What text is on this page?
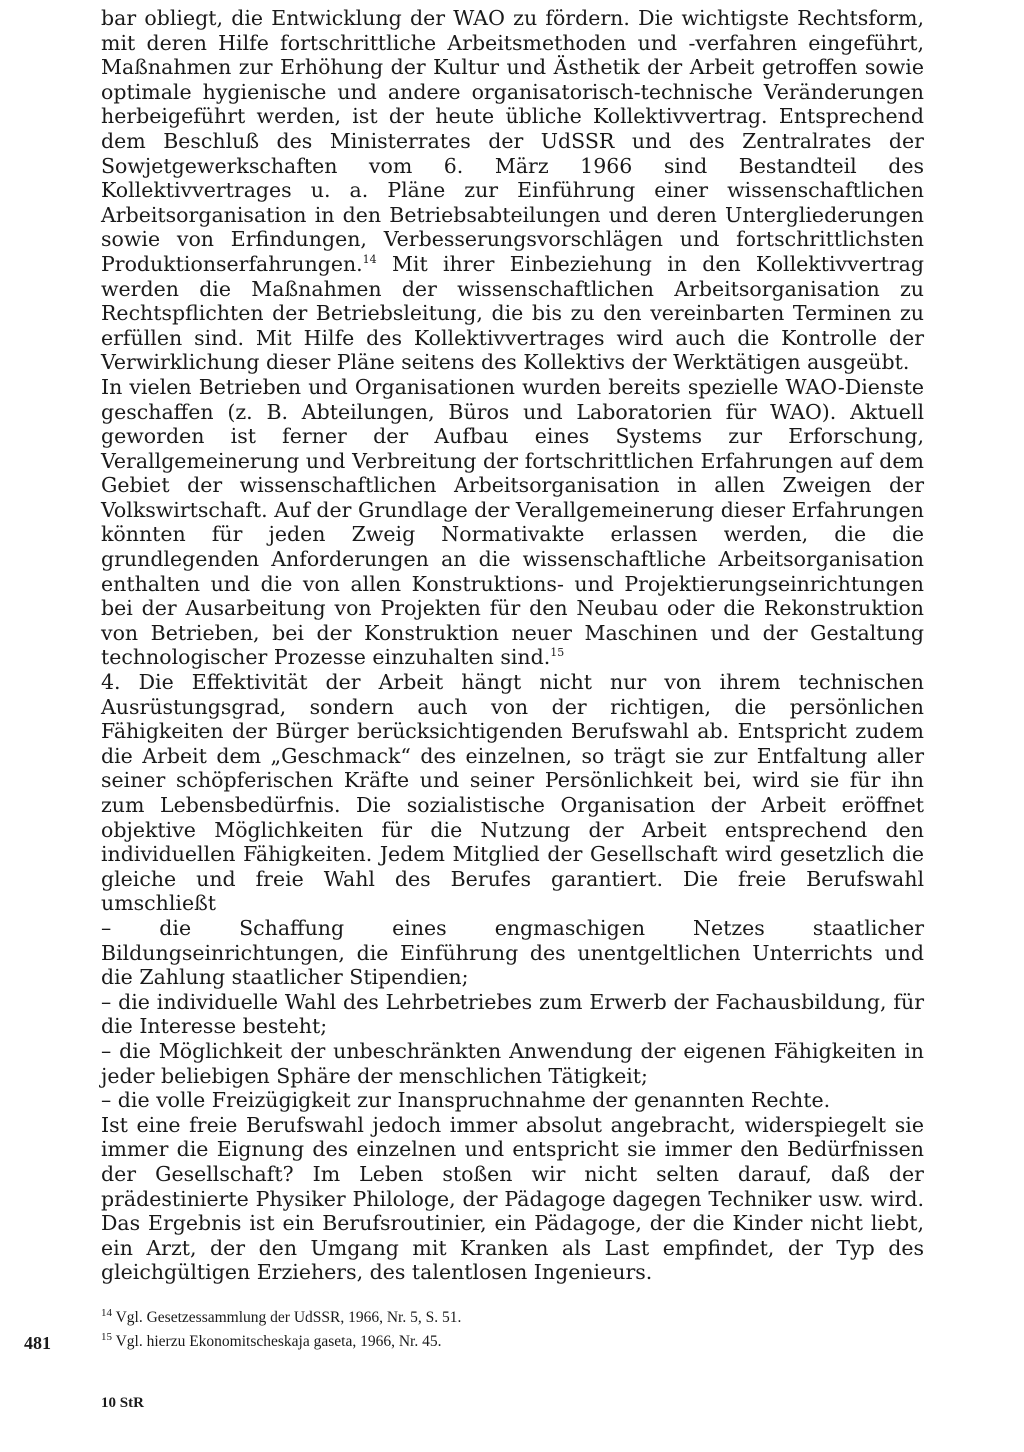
bar obliegt, die Entwicklung der WAO zu fördern. Die wichtigste Rechtsform, mit deren Hilfe fortschrittliche Arbeitsmethoden und -verfahren eingeführt, Maßnahmen zur Erhöhung der Kultur und Ästhetik der Arbeit getroffen sowie optimale hygienische und andere organisatorisch-technische Veränderungen herbeigeführt werden, ist der heute übliche Kollektivvertrag. Entsprechend dem Beschluß des Ministerrates der UdSSR und des Zentralrates der Sowjetgewerkschaften vom 6. März 1966 sind Bestandteil des Kollektivvertrages u. a. Pläne zur Einführung einer wissenschaftlichen Arbeitsorganisation in den Betriebsabteilungen und deren Untergliederungen sowie von Erfindungen, Verbesserungsvorschlägen und fortschrittlichsten Produktionserfahrungen.$^{14}$ Mit ihrer Einbeziehung in den Kollektivvertrag werden die Maßnahmen der wissenschaftlichen Arbeitsorganisation zu Rechtspflichten der Betriebsleitung, die bis zu den vereinbarten Terminen zu erfüllen sind. Mit Hilfe des Kollektivvertrages wird auch die Kontrolle der Verwirklichung dieser Pläne seitens des Kollektivs der Werktätigen ausgeübt.

In vielen Betrieben und Organisationen wurden bereits spezielle WAO-Dienste geschaffen (z. B. Abteilungen, Büros und Laboratorien für WAO). Aktuell geworden ist ferner der Aufbau eines Systems zur Erforschung, Verallgemeinerung und Verbreitung der fortschrittlichen Erfahrungen auf dem Gebiet der wissenschaftlichen Arbeitsorganisation in allen Zweigen der Volkswirtschaft. Auf der Grundlage der Verallgemeinerung dieser Erfahrungen könnten für jeden Zweig Normativakte erlassen werden, die die grundlegenden Anforderungen an die wissenschaftliche Arbeitsorganisation enthalten und die von allen Konstruktions- und Projektierungseinrichtungen bei der Ausarbeitung von Projekten für den Neubau oder die Rekonstruktion von Betrieben, bei der Konstruktion neuer Maschinen und der Gestaltung technologischer Prozesse einzuhalten sind.$^{15}$

4. Die Effektivität der Arbeit hängt nicht nur von ihrem technischen Ausrüstungsgrad, sondern auch von der richtigen, die persönlichen Fähigkeiten der Bürger berücksichtigenden Berufswahl ab. Entspricht zudem die Arbeit dem „Geschmack“ des einzelnen, so trägt sie zur Entfaltung aller seiner schöpferischen Kräfte und seiner Persönlichkeit bei, wird sie für ihn zum Lebensbedürfnis. Die sozialistische Organisation der Arbeit eröffnet objektive Möglichkeiten für die Nutzung der Arbeit entsprechend den individuellen Fähigkeiten. Jedem Mitglied der Gesellschaft wird gesetzlich die gleiche und freie Wahl des Berufes garantiert. Die freie Berufswahl umschließt

– die Schaffung eines engmaschigen Netzes staatlicher Bildungseinrichtungen, die Einführung des unentgeltlichen Unterrichts und die Zahlung staatlicher Stipendien;

– die individuelle Wahl des Lehrbetriebes zum Erwerb der Fachausbildung, für die Interesse besteht;

– die Möglichkeit der unbeschränkten Anwendung der eigenen Fähigkeiten in jeder beliebigen Sphäre der menschlichen Tätigkeit;

– die volle Freizügigkeit zur Inanspruchnahme der genannten Rechte.

Ist eine freie Berufswahl jedoch immer absolut angebracht, widerspiegelt sie immer die Eignung des einzelnen und entspricht sie immer den Bedürfnissen der Gesellschaft? Im Leben stoßen wir nicht selten darauf, daß der prädestinierte Physiker Philologe, der Pädagoge dagegen Techniker usw. wird. Das Ergebnis ist ein Berufsroutinier, ein Pädagoge, der die Kinder nicht liebt, ein Arzt, der den Umgang mit Kranken als Last empfindet, der Typ des gleichgültigen Erziehers, des talentlosen Ingenieurs.

$^{14}$ Vgl. Gesetzessammlung der UdSSR, 1966, Nr. 5, S. 51.

$^{15}$ Vgl. hierzu Ekonomitscheskaja gaseta, 1966, Nr. 45.

481
10 StR
